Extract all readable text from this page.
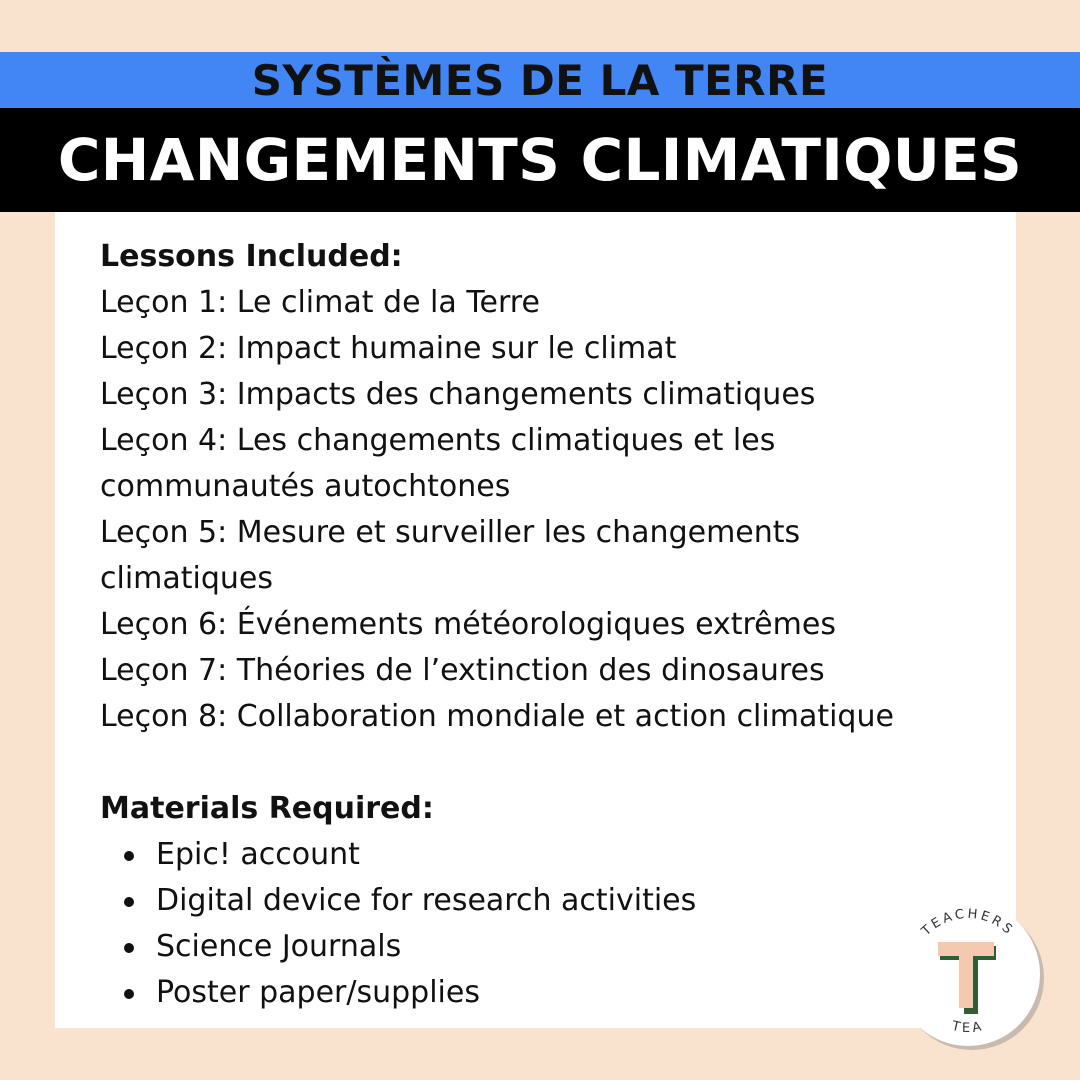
SYSTÈMES DE LA TERRE
CHANGEMENTS CLIMATIQUES
Lessons Included:
Leçon 1: Le climat de la Terre
Leçon 2: Impact humaine sur le climat
Leçon 3: Impacts des changements climatiques
Leçon 4: Les changements climatiques et les communautés autochtones
Leçon 5: Mesure et surveiller les changements climatiques
Leçon 6: Événements météorologiques extrêmes
Leçon 7: Théories de l’extinction des dinosaures
Leçon 8: Collaboration mondiale et action climatique
Materials Required:
Epic! account
Digital device for research activities
Science Journals
Poster paper/supplies
TEACHERS
TEA
